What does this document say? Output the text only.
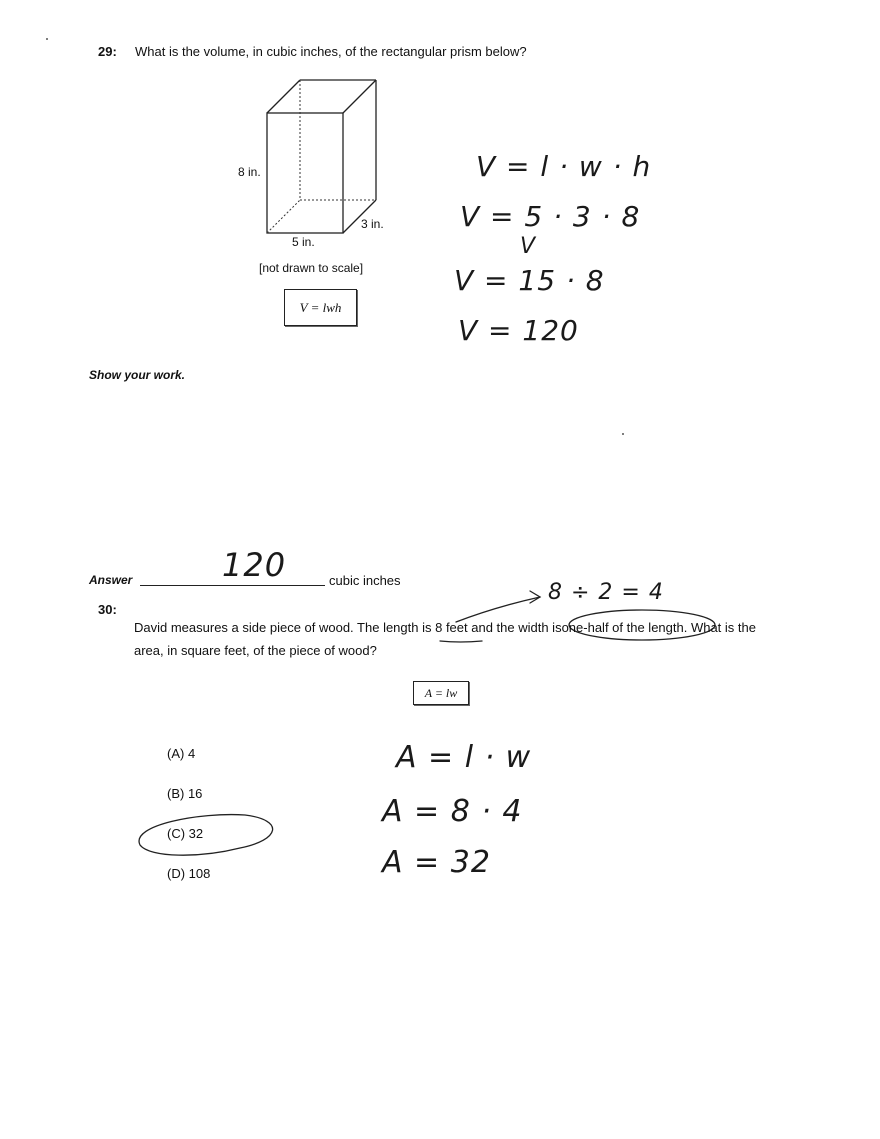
29: What is the volume, in cubic inches, of the rectangular prism below?
8 in.
3 in.
5 in.
[not drawn to scale]
V = lwh
V = l · w · h
V = 5 · 3 · 8
V
V = 15 · 8
V = 120
Show your work.
Answer	120	cubic inches
30:
8 ÷ 2 = 4
David measures a side piece of wood. The length is 8 feet and the width isone-half of the length. What is the
area, in square feet, of the piece of wood?
A = lw
(A) 4
(B) 16
(C) 32
(D) 108
A = l · w
A = 8 · 4
A = 32
